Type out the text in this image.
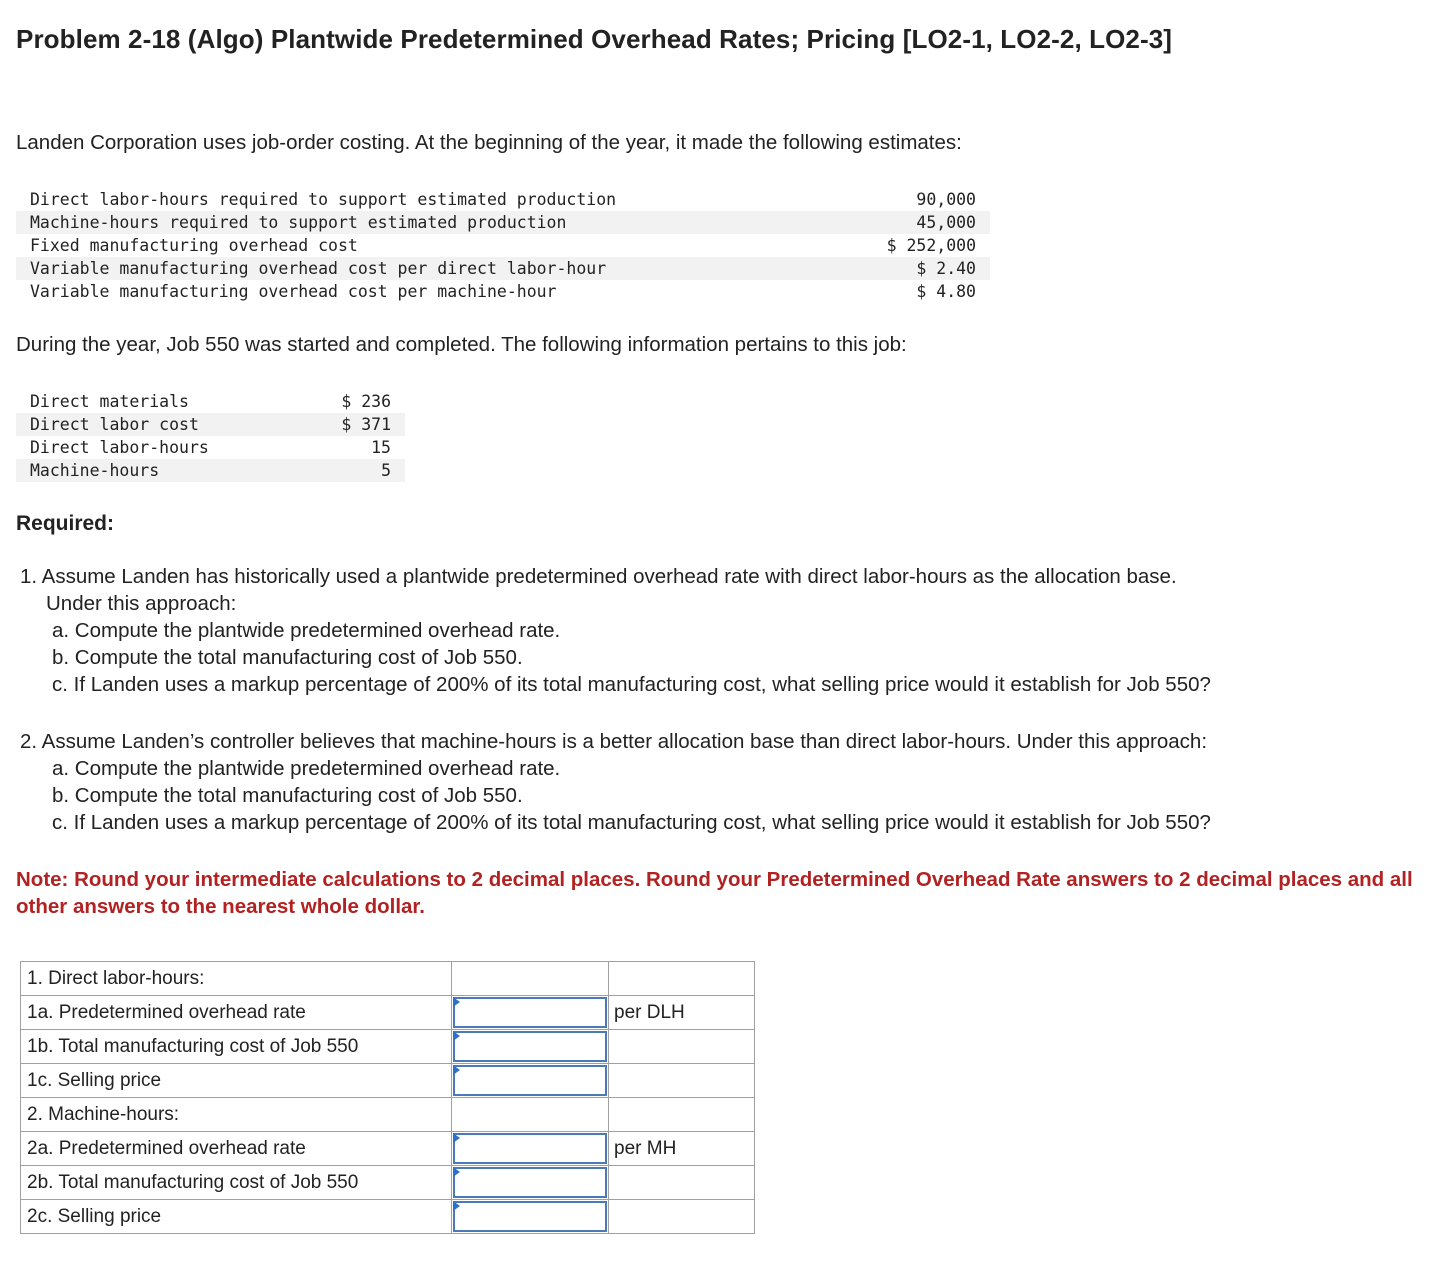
Problem 2-18 (Algo) Plantwide Predetermined Overhead Rates; Pricing [LO2-1, LO2-2, LO2-3]
Landen Corporation uses job-order costing. At the beginning of the year, it made the following estimates:
Direct labor-hours required to support estimated production	90,000
Machine-hours required to support estimated production	45,000
Fixed manufacturing overhead cost	$ 252,000
Variable manufacturing overhead cost per direct labor-hour	$ 2.40
Variable manufacturing overhead cost per machine-hour	$ 4.80
During the year, Job 550 was started and completed. The following information pertains to this job:
Direct materials	$ 236
Direct labor cost	$ 371
Direct labor-hours	15
Machine-hours	5
Required:
1. Assume Landen has historically used a plantwide predetermined overhead rate with direct labor-hours as the allocation base.
Under this approach:
a. Compute the plantwide predetermined overhead rate.
b. Compute the total manufacturing cost of Job 550.
c. If Landen uses a markup percentage of 200% of its total manufacturing cost, what selling price would it establish for Job 550?
2. Assume Landen’s controller believes that machine-hours is a better allocation base than direct labor-hours. Under this approach:
a. Compute the plantwide predetermined overhead rate.
b. Compute the total manufacturing cost of Job 550.
c. If Landen uses a markup percentage of 200% of its total manufacturing cost, what selling price would it establish for Job 550?
Note: Round your intermediate calculations to 2 decimal places. Round your Predetermined Overhead Rate answers to 2 decimal places and all other answers to the nearest whole dollar.
1. Direct labor-hours:		
1a. Predetermined overhead rate		per DLH
1b. Total manufacturing cost of Job 550	

1c. Selling price	

2. Machine-hours:		
2a. Predetermined overhead rate		per MH
2b. Total manufacturing cost of Job 550	

2c. Selling price	
